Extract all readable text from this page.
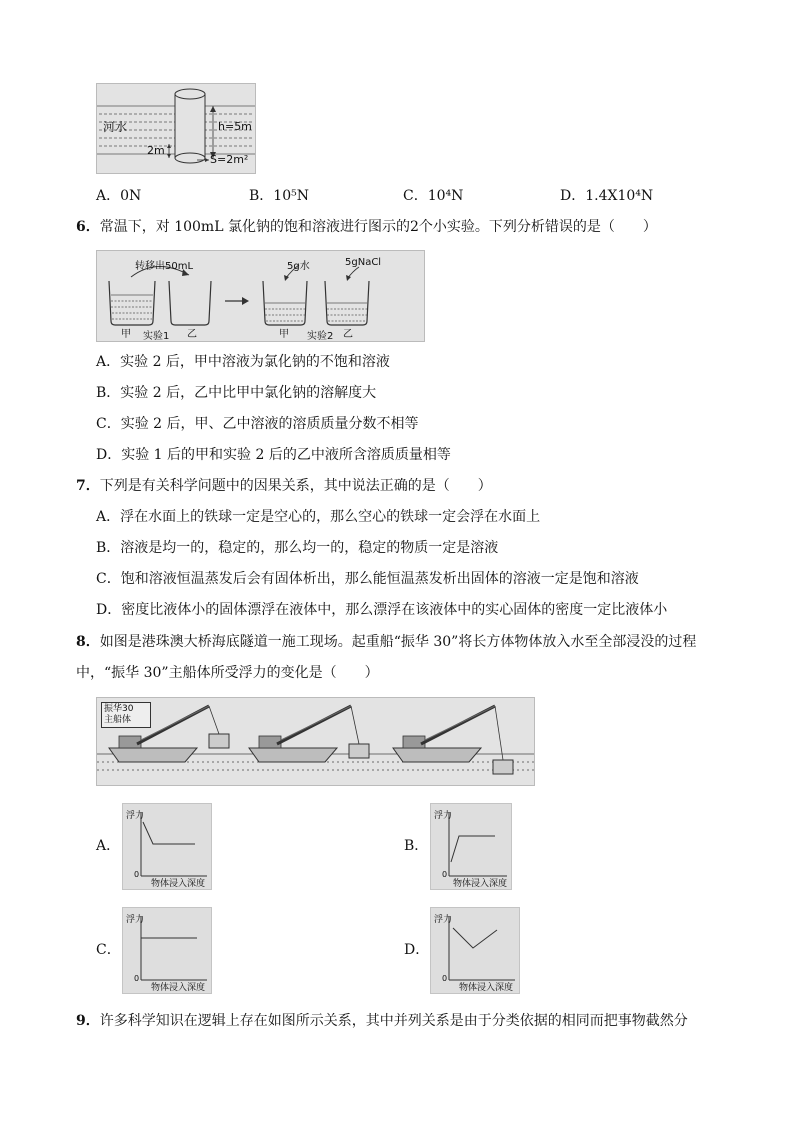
河水	h=5m
2m
S=2m²
A．0N	B．10⁵N	C．10⁴N	D．1.4X10⁴N
6．常温下，对 100mL 氯化钠的饱和溶液进行图示的2个小实验。下列分析错误的是（　　）
转移出50mL
甲	乙
实验1
5g水	5gNaCl
甲	乙
实验2
A．实验 2 后，甲中溶液为氯化钠的不饱和溶液
B．实验 2 后，乙中比甲中氯化钠的溶解度大
C．实验 2 后，甲、乙中溶液的溶质质量分数不相等
D．实验 1 后的甲和实验 2 后的乙中液所含溶质质量相等
7．下列是有关科学问题中的因果关系，其中说法正确的是（　　）
A．浮在水面上的铁球一定是空心的，那么空心的铁球一定会浮在水面上
B．溶液是均一的，稳定的，那么均一的，稳定的物质一定是溶液
C．饱和溶液恒温蒸发后会有固体析出，那么能恒温蒸发析出固体的溶液一定是饱和溶液
D．密度比液体小的固体漂浮在液体中，那么漂浮在该液体中的实心固体的密度一定比液体小
8．如图是港珠澳大桥海底隧道一施工现场。起重船“振华 30”将长方体物体放入水至全部浸没的过程
中，“振华 30”主船体所受浮力的变化是（　　）
振华30
主船体
A．
浮力
0
物体浸入深度
B．
浮力
0
物体浸入深度
C．
浮力
0
物体浸入深度
D．
浮力
0
物体浸入深度
9．许多科学知识在逻辑上存在如图所示关系，其中并列关系是由于分类依据的相同而把事物截然分
